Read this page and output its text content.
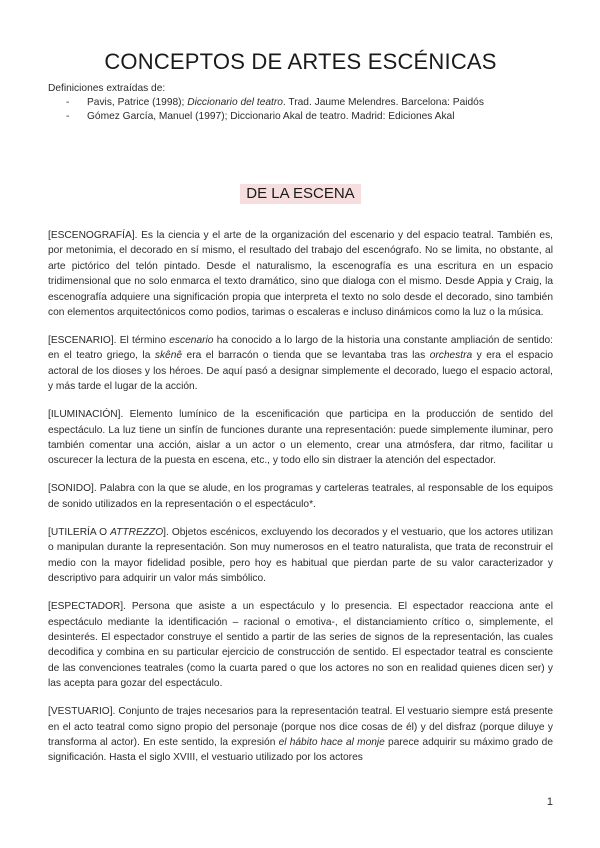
CONCEPTOS DE ARTES ESCÉNICAS
Definiciones extraídas de:
- Pavis, Patrice (1998); Diccionario del teatro. Trad. Jaume Melendres. Barcelona: Paidós
- Gómez García, Manuel (1997); Diccionario Akal de teatro. Madrid: Ediciones Akal
DE LA ESCENA

[ESCENOGRAFÍA]. Es la ciencia y el arte de la organización del escenario y del espacio teatral. También es, por metonimia, el decorado en sí mismo, el resultado del trabajo del escenógrafo. No se limita, no obstante, al arte pictórico del telón pintado. Desde el naturalismo, la escenografía es una escritura en un espacio tridimensional que no solo enmarca el texto dramático, sino que dialoga con el mismo. Desde Appia y Craig, la escenografía adquiere una significación propia que interpreta el texto no solo desde el decorado, sino también con elementos arquitectónicos como podios, tarimas o escaleras e incluso dinámicos como la luz o la música.

[ESCENARIO]. El término escenario ha conocido a lo largo de la historia una constante ampliación de sentido: en el teatro griego, la skênê era el barracón o tienda que se levantaba tras las orchestra y era el espacio actoral de los dioses y los héroes. De aquí pasó a designar simplemente el decorado, luego el espacio actoral, y más tarde el lugar de la acción.

[ILUMINACIÓN]. Elemento lumínico de la escenificación que participa en la producción de sentido del espectáculo. La luz tiene un sinfín de funciones durante una representación: puede simplemente iluminar, pero también comentar una acción, aislar a un actor o un elemento, crear una atmósfera, dar ritmo, facilitar u oscurecer la lectura de la puesta en escena, etc., y todo ello sin distraer la atención del espectador.

[SONIDO]. Palabra con la que se alude, en los programas y carteleras teatrales, al responsable de los equipos de sonido utilizados en la representación o el espectáculo*.

[UTILERÍA O ATTREZZO]. Objetos escénicos, excluyendo los decorados y el vestuario, que los actores utilizan o manipulan durante la representación. Son muy numerosos en el teatro naturalista, que trata de reconstruir el medio con la mayor fidelidad posible, pero hoy es habitual que pierdan parte de su valor caracterizador y descriptivo para adquirir un valor más simbólico.

[ESPECTADOR]. Persona que asiste a un espectáculo y lo presencia. El espectador reacciona ante el espectáculo mediante la identificación – racional o emotiva-, el distanciamiento crítico o, simplemente, el desinterés. El espectador construye el sentido a partir de las series de signos de la representación, las cuales decodifica y combina en su particular ejercicio de construcción de sentido. El espectador teatral es consciente de las convenciones teatrales (como la cuarta pared o que los actores no son en realidad quienes dicen ser) y las acepta para gozar del espectáculo.

[VESTUARIO]. Conjunto de trajes necesarios para la representación teatral. El vestuario siempre está presente en el acto teatral como signo propio del personaje (porque nos dice cosas de él) y del disfraz (porque diluye y transforma al actor). En este sentido, la expresión el hábito hace al monje parece adquirir su máximo grado de significación. Hasta el siglo XVIII, el vestuario utilizado por los actores

1
